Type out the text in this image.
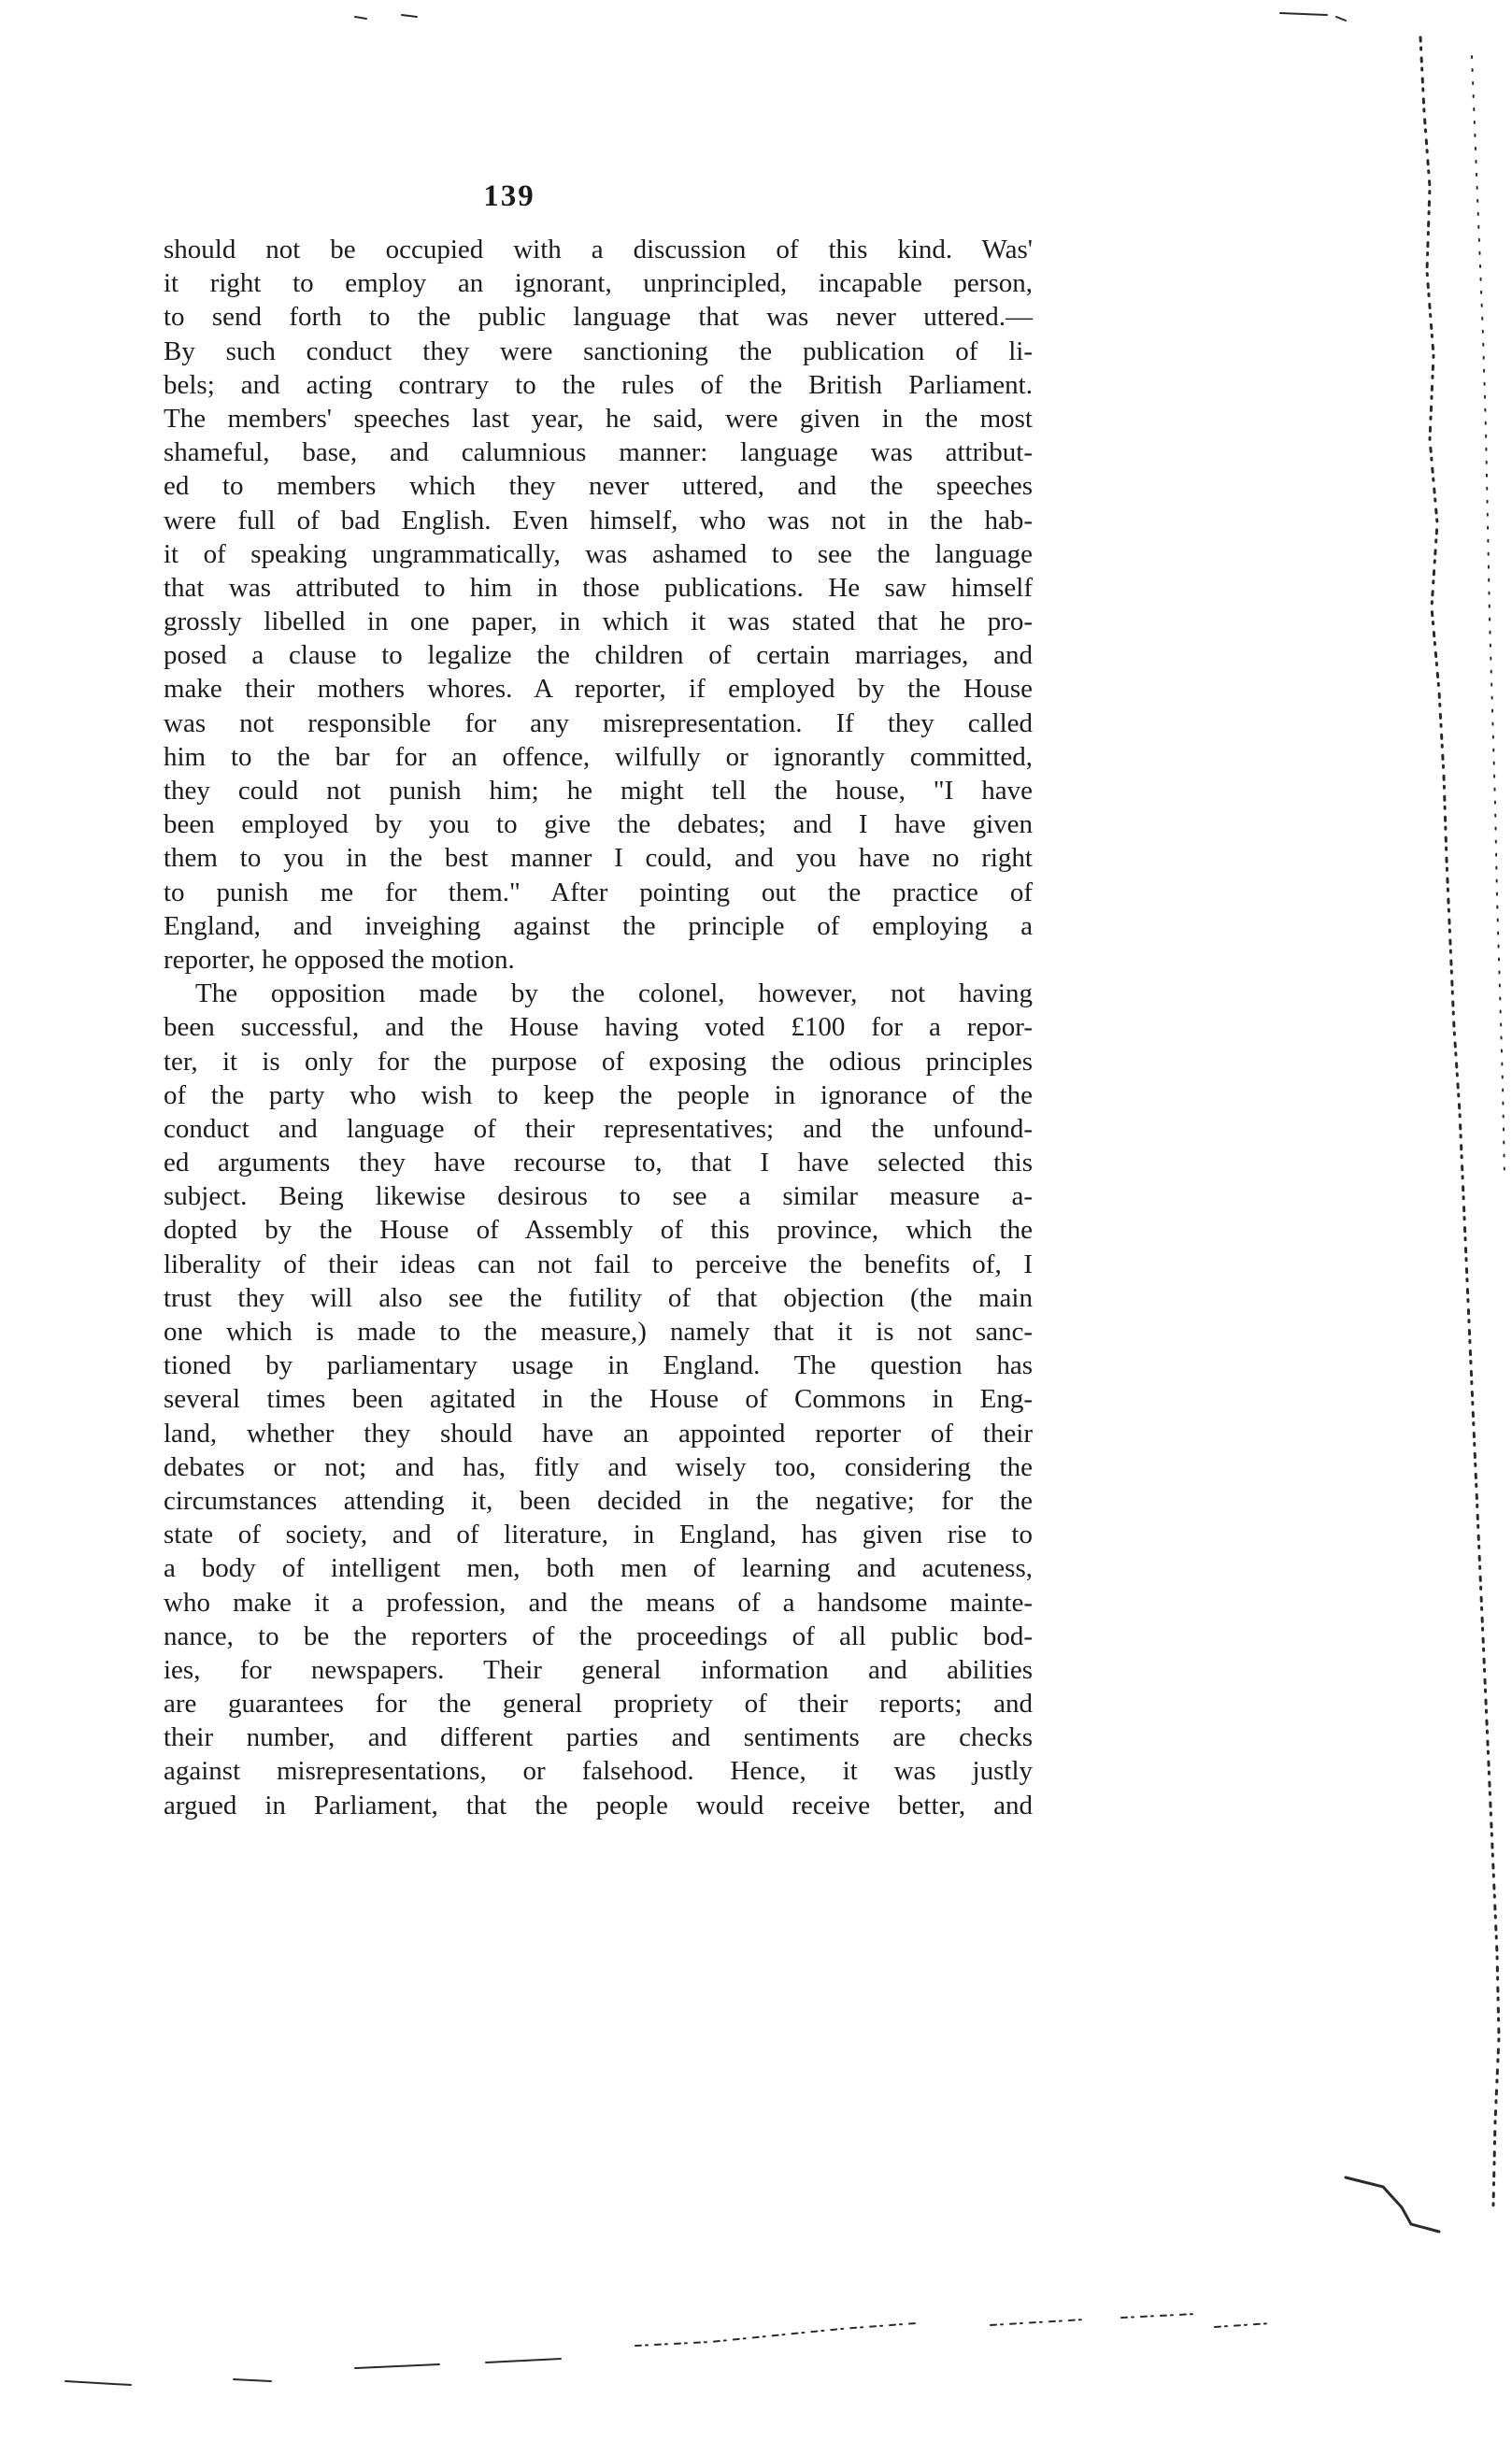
139
should not be occupied with a discussion of this kind. Was'
it right to employ an ignorant, unprincipled, incapable person,
to send forth to the public language that was never uttered.—
By such conduct they were sanctioning the publication of li-
bels; and acting contrary to the rules of the British Parliament.
The members' speeches last year, he said, were given in the most
shameful, base, and calumnious manner: language was attribut-
ed to members which they never uttered, and the speeches
were full of bad English. Even himself, who was not in the hab-
it of speaking ungrammatically, was ashamed to see the language
that was attributed to him in those publications. He saw himself
grossly libelled in one paper, in which it was stated that he pro-
posed a clause to legalize the children of certain marriages, and
make their mothers whores. A reporter, if employed by the House
was not responsible for any misrepresentation. If they called
him to the bar for an offence, wilfully or ignorantly committed,
they could not punish him; he might tell the house, "I have
been employed by you to give the debates; and I have given
them to you in the best manner I could, and you have no right
to punish me for them." After pointing out the practice of
England, and inveighing against the principle of employing a
reporter, he opposed the motion.
The opposition made by the colonel, however, not having
been successful, and the House having voted £100 for a repor-
ter, it is only for the purpose of exposing the odious principles
of the party who wish to keep the people in ignorance of the
conduct and language of their representatives; and the unfound-
ed arguments they have recourse to, that I have selected this
subject. Being likewise desirous to see a similar measure a-
dopted by the House of Assembly of this province, which the
liberality of their ideas can not fail to perceive the benefits of, I
trust they will also see the futility of that objection (the main
one which is made to the measure,) namely that it is not sanc-
tioned by parliamentary usage in England. The question has
several times been agitated in the House of Commons in Eng-
land, whether they should have an appointed reporter of their
debates or not; and has, fitly and wisely too, considering the
circumstances attending it, been decided in the negative; for the
state of society, and of literature, in England, has given rise to
a body of intelligent men, both men of learning and acuteness,
who make it a profession, and the means of a handsome mainte-
nance, to be the reporters of the proceedings of all public bod-
ies, for newspapers. Their general information and abilities
are guarantees for the general propriety of their reports; and
their number, and different parties and sentiments are checks
against misrepresentations, or falsehood. Hence, it was justly
argued in Parliament, that the people would receive better, and
